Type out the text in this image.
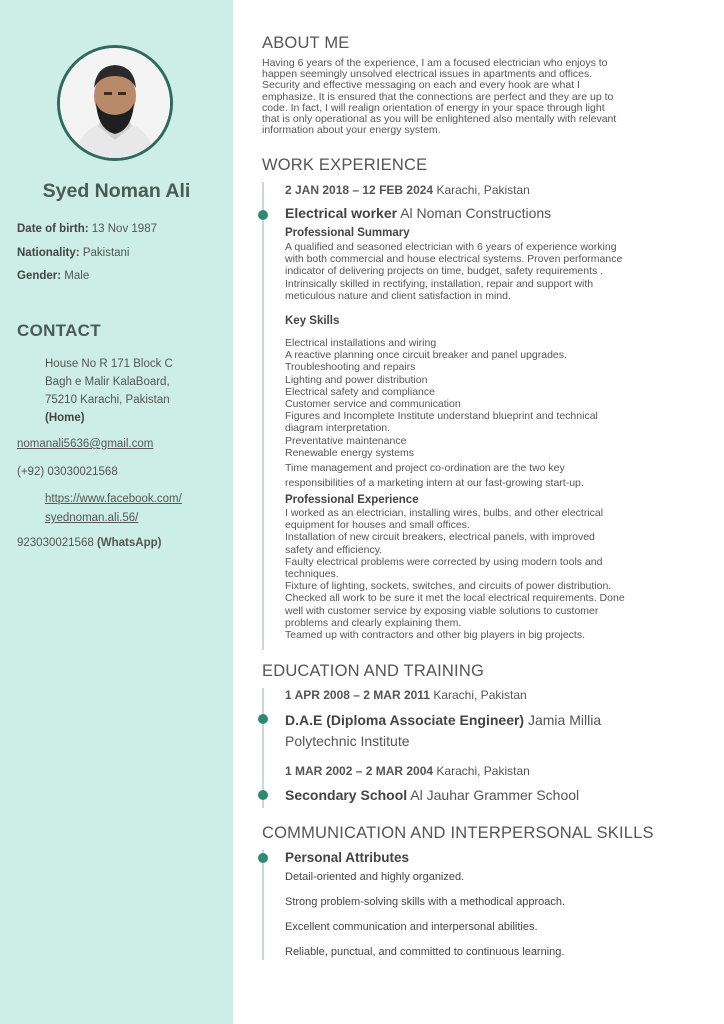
Syed Noman Ali
Date of birth: 13 Nov 1987
Nationality: Pakistani
Gender: Male
CONTACT
House No R 171 Block C
Bagh e Malir KalaBoard,
75210 Karachi, Pakistan
(Home)
nomanali5636@gmail.com
(+92) 03030021568
https://www.facebook.com/
syednoman.ali.56/
923030021568 (WhatsApp)
ABOUT ME
Having 6 years of the experience, I am a focused electrician who enjoys to
happen seemingly unsolved electrical issues in apartments and offices.
Security and effective messaging on each and every hook are what I
emphasize. It is ensured that the connections are perfect and they are up to
code. In fact, I will realign orientation of energy in your space through light
that is only operational as you will be enlightened also mentally with relevant
information about your energy system.
WORK EXPERIENCE
2 JAN 2018 – 12 FEB 2024 Karachi, Pakistan
Electrical worker Al Noman Constructions
Professional Summary
A qualified and seasoned electrician with 6 years of experience working
with both commercial and house electrical systems. Proven performance
indicator of delivering projects on time, budget, safety requirements .
Intrinsically skilled in rectifying, installation, repair and support with
meticulous nature and client satisfaction in mind.
Key Skills
Electrical installations and wiring
A reactive planning once circuit breaker and panel upgrades.
Troubleshooting and repairs
Lighting and power distribution
Electrical safety and compliance
Customer service and communication
Figures and Incomplete Institute understand blueprint and technical
diagram interpretation.
Preventative maintenance
Renewable energy systems
Time management and project co-ordination are the two key
responsibilities of a marketing intern at our fast-growing start-up.
Professional Experience
I worked as an electrician, installing wires, bulbs, and other electrical
equipment for houses and small offices.
Installation of new circuit breakers, electrical panels, with improved
safety and efficiency.
Faulty electrical problems were corrected by using modern tools and
techniques.
Fixture of lighting, sockets, switches, and circuits of power distribution.
Checked all work to be sure it met the local electrical requirements. Done
well with customer service by exposing viable solutions to customer
problems and clearly explaining them.
Teamed up with contractors and other big players in big projects.
EDUCATION AND TRAINING
1 APR 2008 – 2 MAR 2011 Karachi, Pakistan
D.A.E (Diploma Associate Engineer) Jamia Millia
Polytechnic Institute
1 MAR 2002 – 2 MAR 2004 Karachi, Pakistan
Secondary School Al Jauhar Grammer School
COMMUNICATION AND INTERPERSONAL SKILLS
Personal Attributes
Detail-oriented and highly organized.
Strong problem-solving skills with a methodical approach.
Excellent communication and interpersonal abilities.
Reliable, punctual, and committed to continuous learning.
